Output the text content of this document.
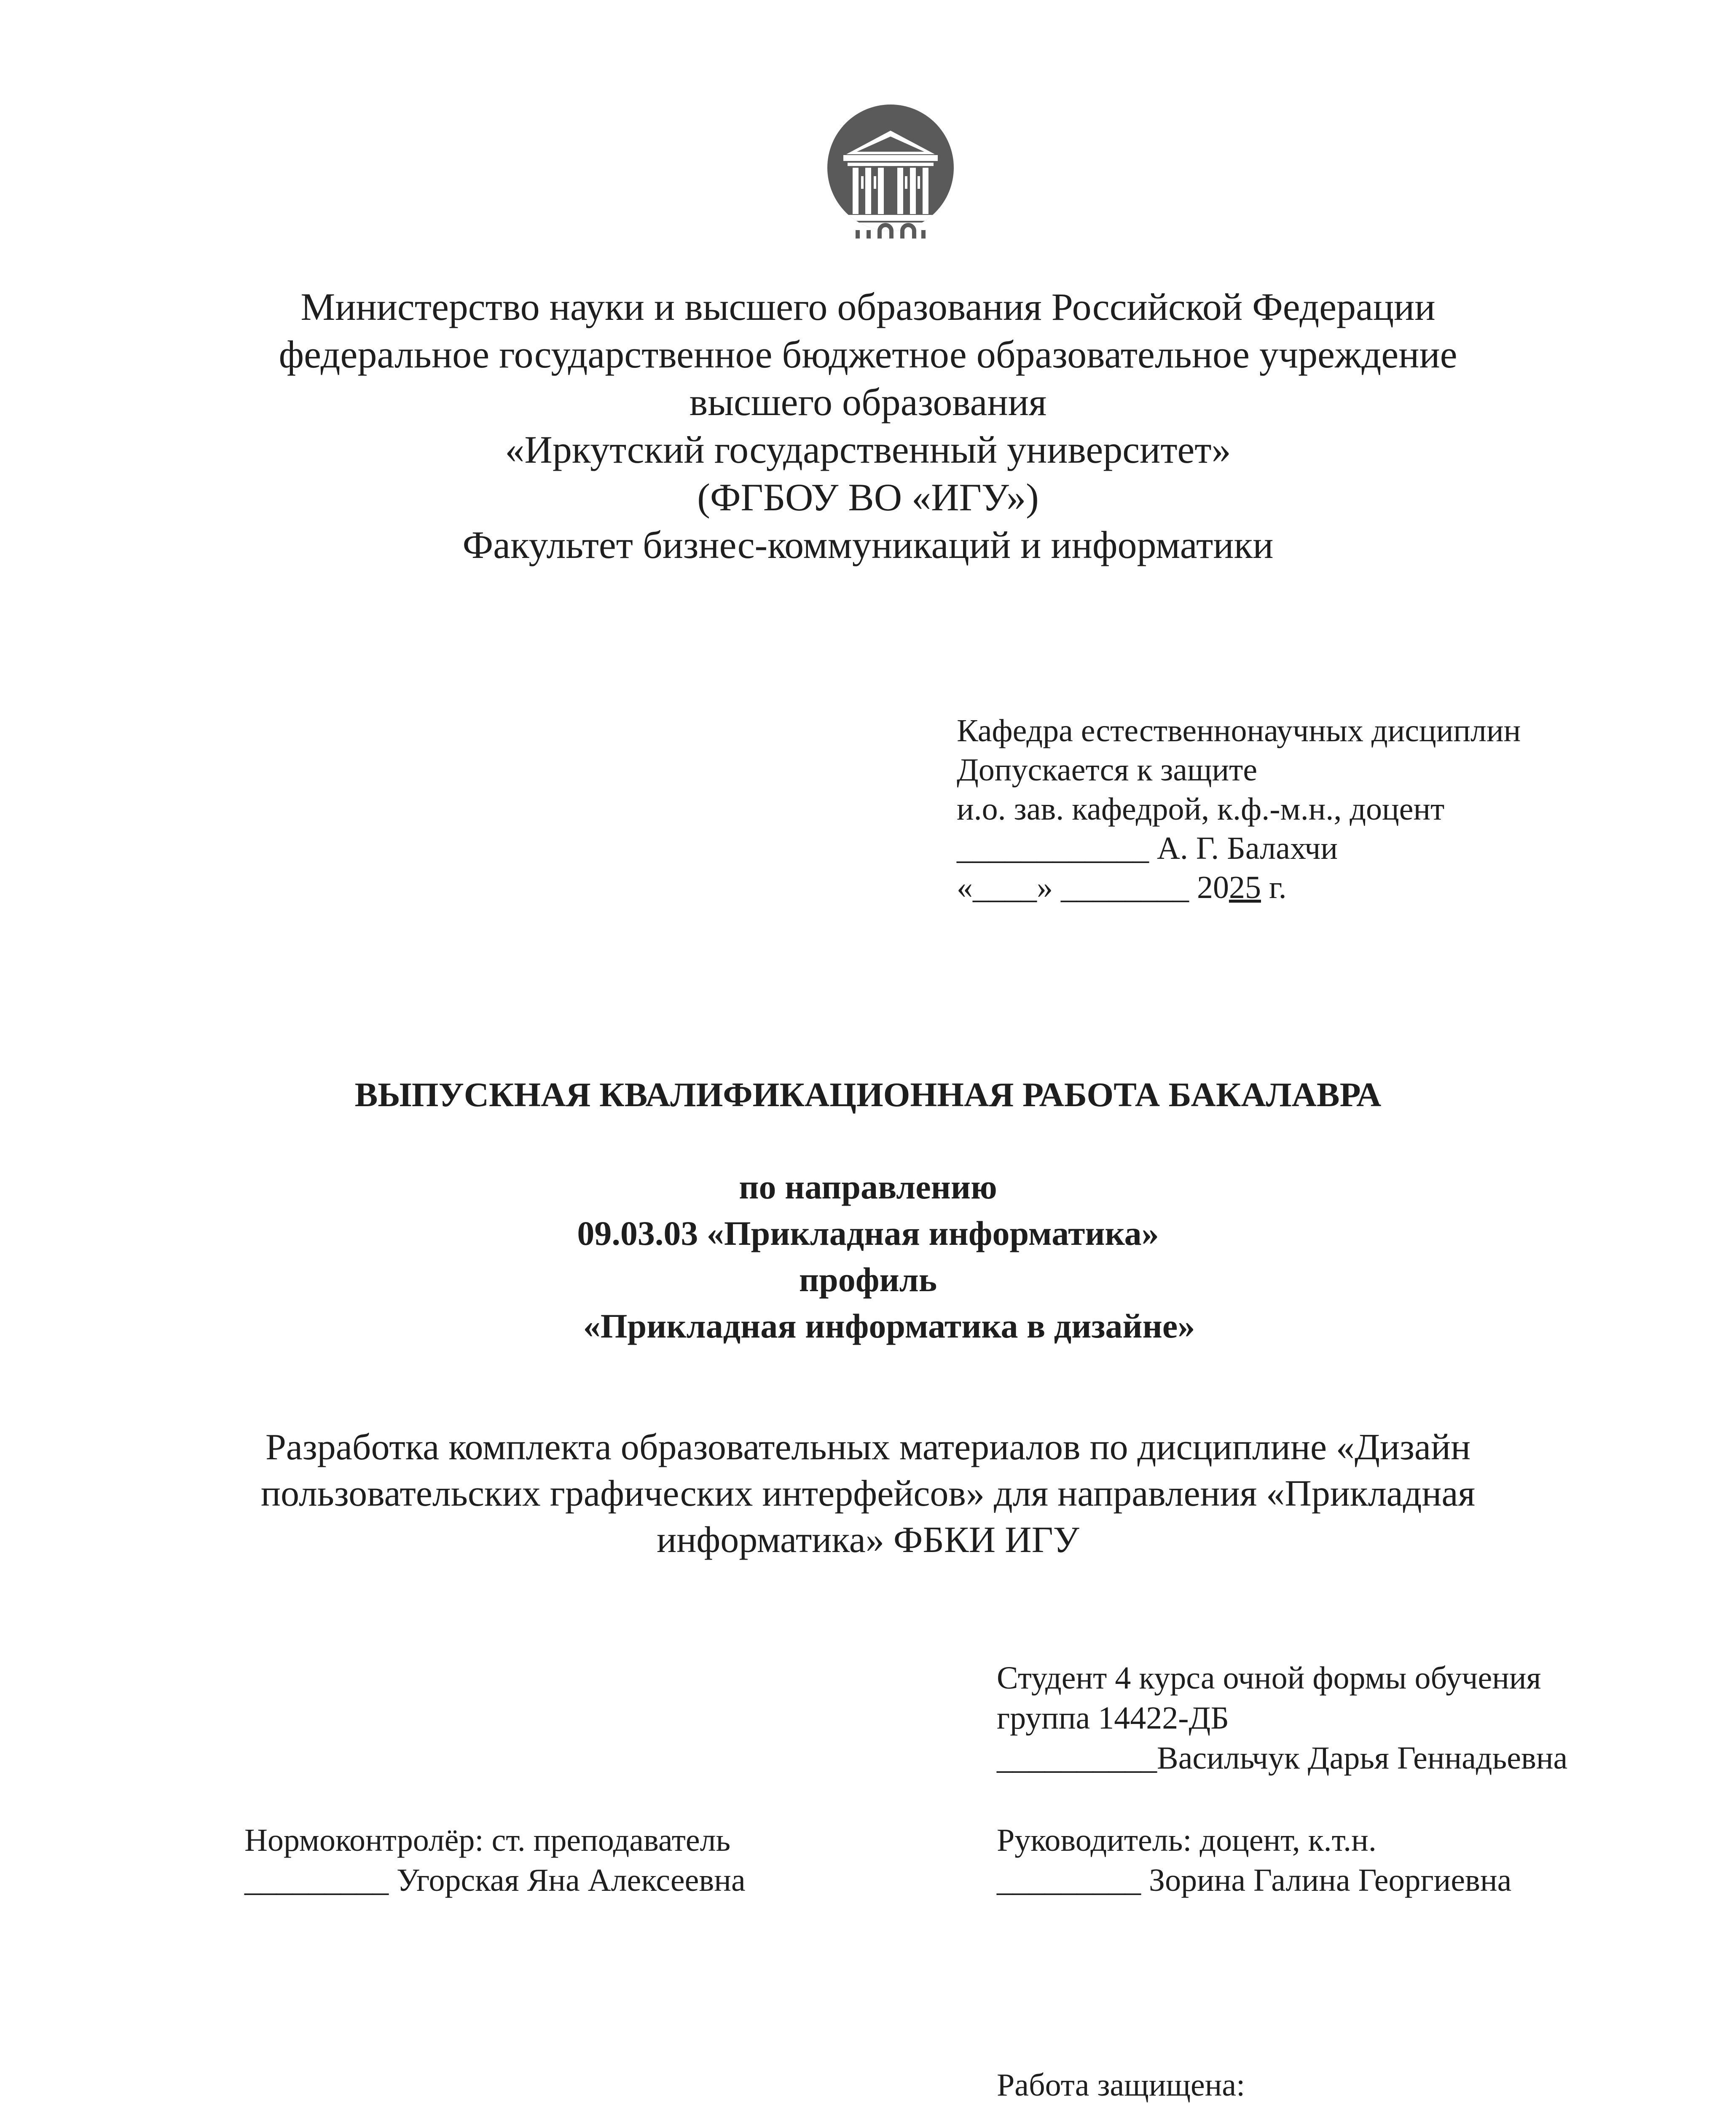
Министерство науки и высшего образования Российской Федерации
федеральное государственное бюджетное образовательное учреждение
высшего образования
«Иркутский государственный университет»
(ФГБОУ ВО «ИГУ»)
Факультет бизнес-коммуникаций и информатики
Кафедра естественнонаучных дисциплин
Допускается к защите
и.о. зав. кафедрой, к.ф.-м.н., доцент
____________ А. Г. Балахчи
«____» ________ 2025 г.
ВЫПУСКНАЯ КВАЛИФИКАЦИОННАЯ РАБОТА БАКАЛАВРА
по направлению
09.03.03 «Прикладная информатика»
профиль
«Прикладная информатика в дизайне»
Разработка комплекта образовательных материалов по дисциплине «Дизайн
пользовательских графических интерфейсов» для направления «Прикладная
информатика» ФБКИ ИГУ
Студент 4 курса очной формы обучения
группа 14422-ДБ
__________Васильчук Дарья Геннадьевна
Нормоконтролёр: ст. преподаватель
_________ Угорская Яна Алексеевна
Руководитель: доцент, к.т.н.
_________ Зорина Галина Георгиевна
Работа защищена:
